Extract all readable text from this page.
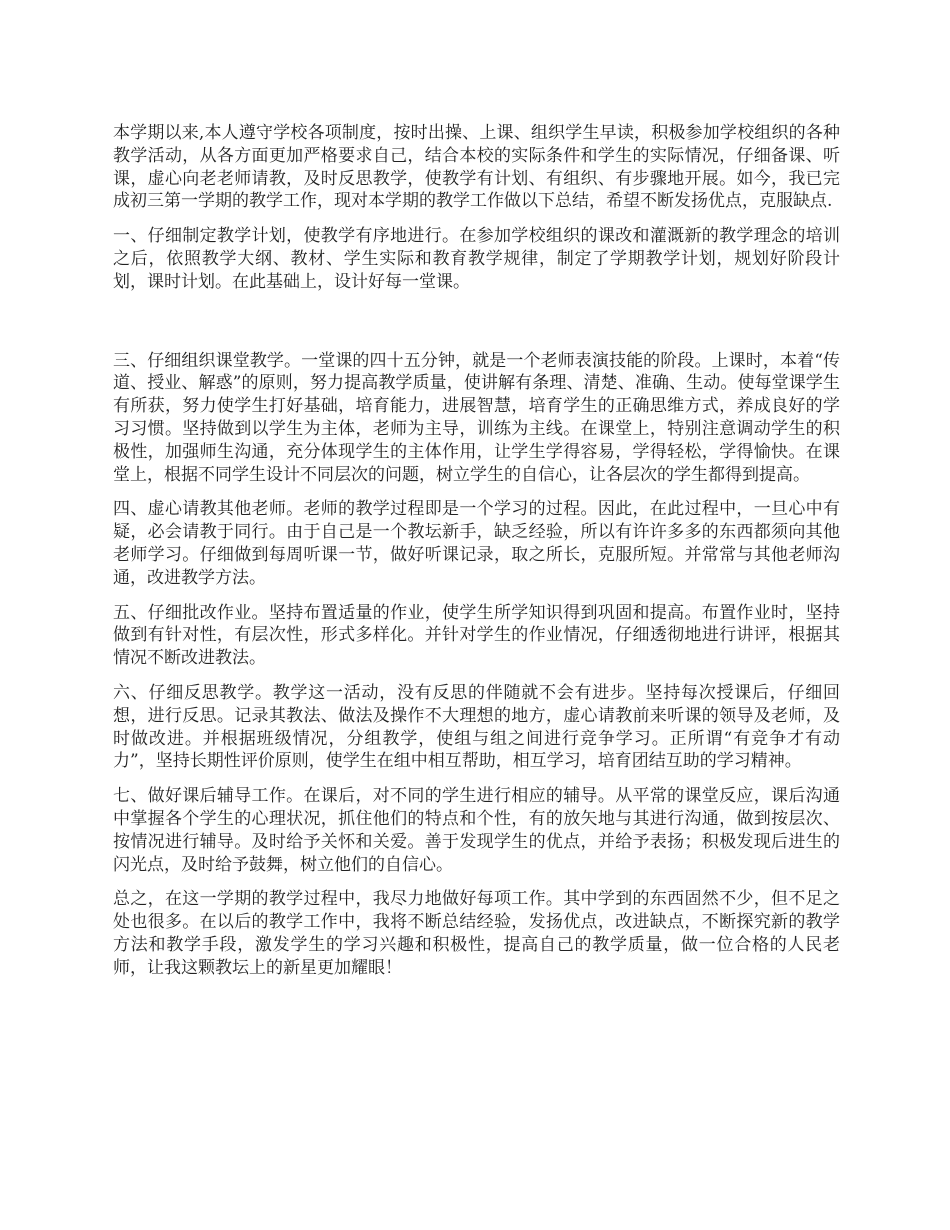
本学期以来,本人遵守学校各项制度，按时出操、上课、组织学生早读，积极参加学校组织的各种教学活动，从各方面更加严格要求自己，结合本校的实际条件和学生的实际情况，仔细备课、听课，虚心向老老师请教，及时反思教学，使教学有计划、有组织、有步骤地开展。如今，我已完成初三第一学期的教学工作，现对本学期的教学工作做以下总结，希望不断发扬优点，克服缺点.

一、仔细制定教学计划，使教学有序地进行。在参加学校组织的课改和灌溉新的教学理念的培训之后，依照教学大纲、教材、学生实际和教育教学规律，制定了学期教学计划，规划好阶段计划，课时计划。在此基础上，设计好每一堂课。

三、仔细组织课堂教学。一堂课的四十五分钟，就是一个老师表演技能的阶段。上课时，本着“传道、授业、解惑”的原则，努力提高教学质量，使讲解有条理、清楚、准确、生动。使每堂课学生有所获，努力使学生打好基础，培育能力，进展智慧，培育学生的正确思维方式，养成良好的学习习惯。坚持做到以学生为主体，老师为主导，训练为主线。在课堂上，特别注意调动学生的积极性，加强师生沟通，充分体现学生的主体作用，让学生学得容易，学得轻松，学得愉快。在课堂上，根据不同学生设计不同层次的问题，树立学生的自信心，让各层次的学生都得到提高。

四、虚心请教其他老师。老师的教学过程即是一个学习的过程。因此，在此过程中，一旦心中有疑，必会请教于同行。由于自己是一个教坛新手，缺乏经验，所以有许许多多的东西都须向其他老师学习。仔细做到每周听课一节，做好听课记录，取之所长，克服所短。并常常与其他老师沟通，改进教学方法。

五、仔细批改作业。坚持布置适量的作业，使学生所学知识得到巩固和提高。布置作业时，坚持做到有针对性，有层次性，形式多样化。并针对学生的作业情况，仔细透彻地进行讲评，根据其情况不断改进教法。

六、仔细反思教学。教学这一活动，没有反思的伴随就不会有进步。坚持每次授课后，仔细回想，进行反思。记录其教法、做法及操作不大理想的地方，虚心请教前来听课的领导及老师，及时做改进。并根据班级情况，分组教学，使组与组之间进行竞争学习。正所谓“有竞争才有动力”，坚持长期性评价原则，使学生在组中相互帮助，相互学习，培育团结互助的学习精神。

七、做好课后辅导工作。在课后，对不同的学生进行相应的辅导。从平常的课堂反应，课后沟通中掌握各个学生的心理状况，抓住他们的特点和个性，有的放矢地与其进行沟通，做到按层次、按情况进行辅导。及时给予关怀和关爱。善于发现学生的优点，并给予表扬；积极发现后进生的闪光点，及时给予鼓舞，树立他们的自信心。

总之，在这一学期的教学过程中，我尽力地做好每项工作。其中学到的东西固然不少，但不足之处也很多。在以后的教学工作中，我将不断总结经验，发扬优点，改进缺点，不断探究新的教学方法和教学手段，激发学生的学习兴趣和积极性，提高自己的教学质量，做一位合格的人民老师，让我这颗教坛上的新星更加耀眼！
